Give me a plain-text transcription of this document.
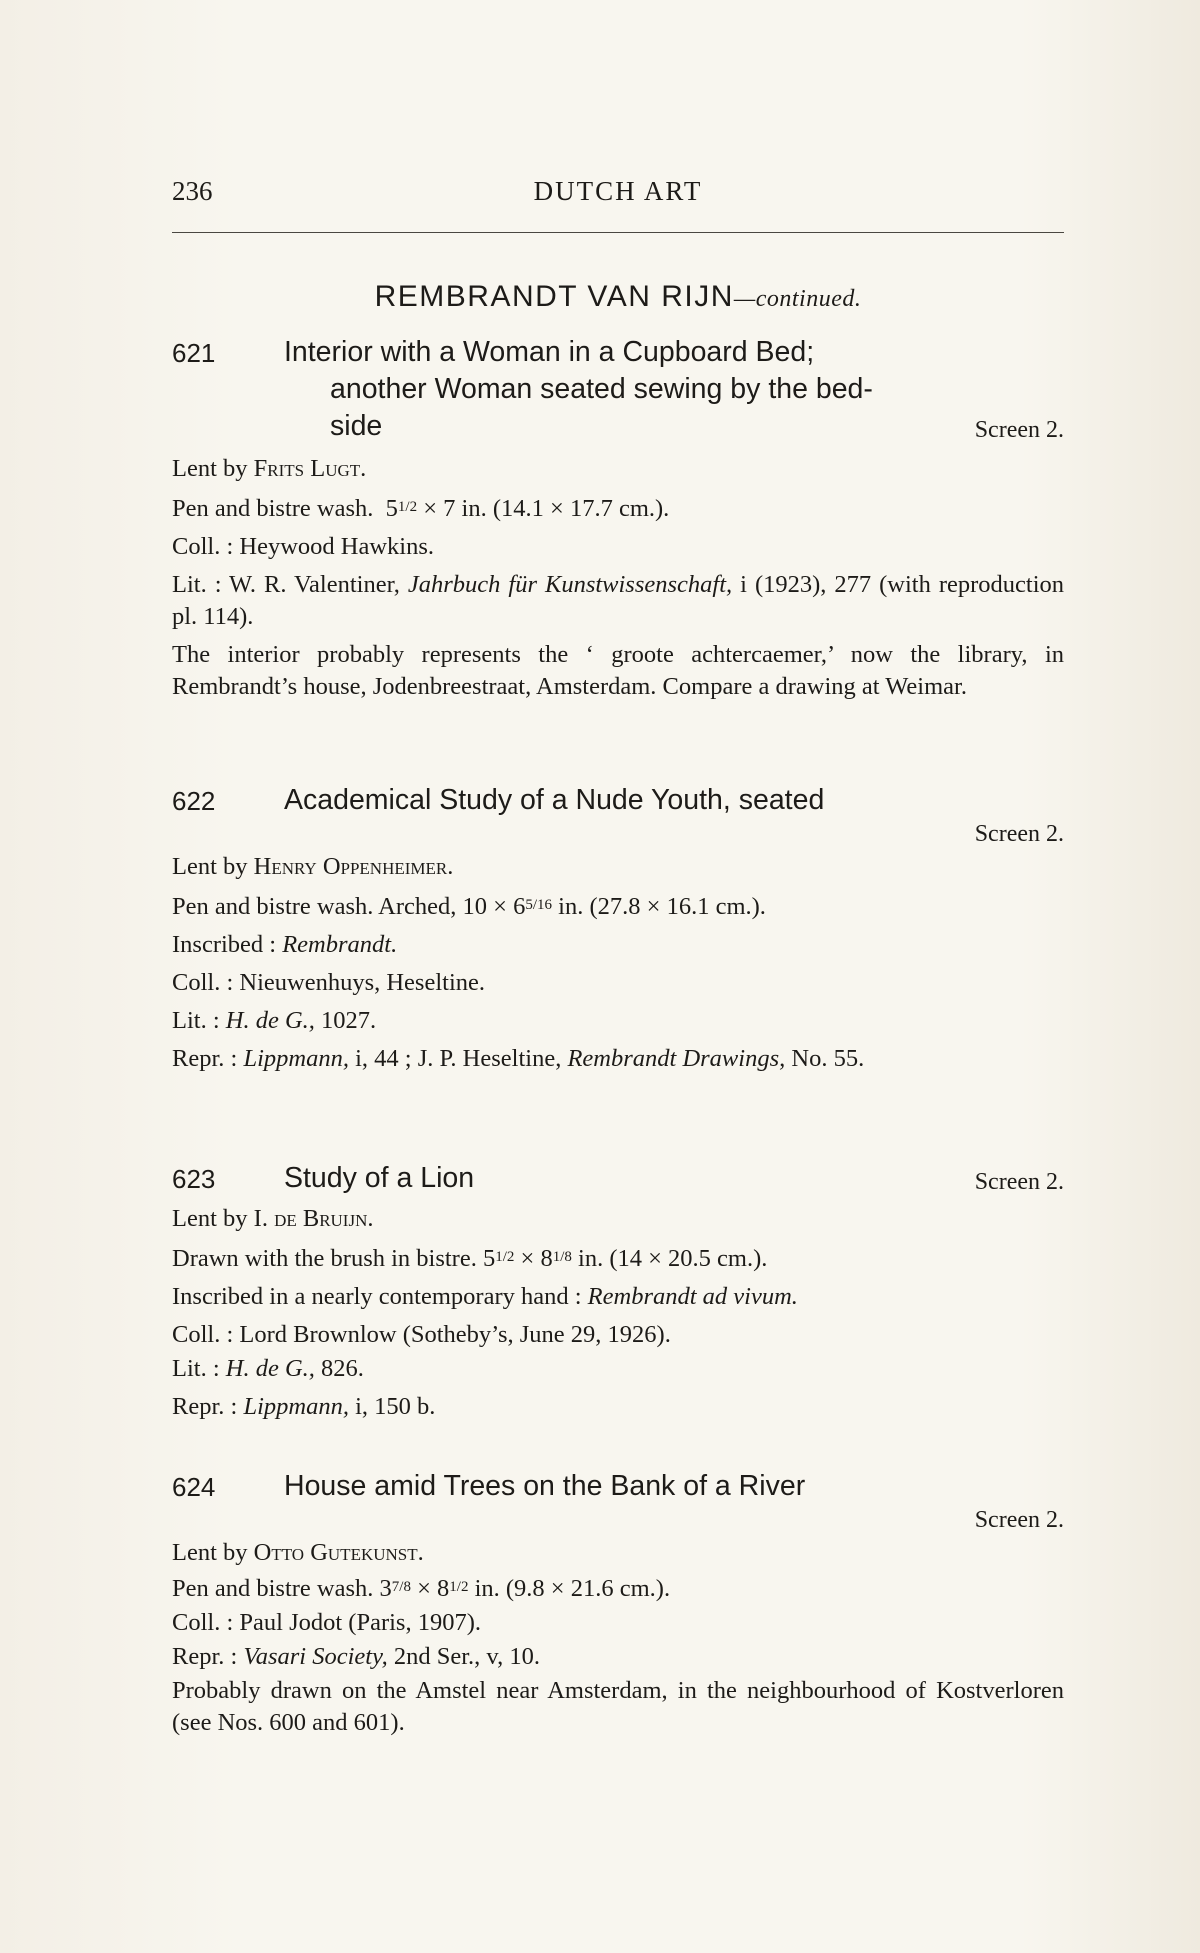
236	DUTCH ART
REMBRANDT VAN RIJN—continued.
621 Interior with a Woman in a Cupboard Bed;
another Woman seated sewing by the bed-
side	Screen 2.
Lent by Frits Lugt.
Pen and bistre wash. $5^{1/2} \times 7$ in. (14.1 × 17.7 cm.).
Coll. : Heywood Hawkins.
Lit. : W. R. Valentiner, Jahrbuch für Kunstwissenschaft, i (1923), 277 (with reproduction pl. 114).
The interior probably represents the ‘ groote achtercaemer,’ now the library, in Rembrandt’s house, Jodenbreestraat, Amsterdam. Compare a drawing at Weimar.
622 Academical Study of a Nude Youth, seated
Screen 2.
Lent by Henry Oppenheimer.
Pen and bistre wash. Arched, $10 \times 6^{5/16}$ in. (27.8 × 16.1 cm.).
Inscribed : Rembrandt.
Coll. : Nieuwenhuys, Heseltine.
Lit. : H. de G., 1027.
Repr. : Lippmann, i, 44 ; J. P. Heseltine, Rembrandt Drawings, No. 55.
623 Study of a Lion	Screen 2.
Lent by I. de Bruijn.
Drawn with the brush in bistre. $5^{1/2} \times 8^{1/8}$ in. (14 × 20.5 cm.).
Inscribed in a nearly contemporary hand : Rembrandt ad vivum.
Coll. : Lord Brownlow (Sotheby’s, June 29, 1926).
Lit. : H. de G., 826.
Repr. : Lippmann, i, 150 b.
624 House amid Trees on the Bank of a River
Screen 2.
Lent by Otto Gutekunst.
Pen and bistre wash. $3^{7/8} \times 8^{1/2}$ in. (9.8 × 21.6 cm.).
Coll. : Paul Jodot (Paris, 1907).
Repr. : Vasari Society, 2nd Ser., v, 10.
Probably drawn on the Amstel near Amsterdam, in the neighbourhood of Kostverloren (see Nos. 600 and 601).
